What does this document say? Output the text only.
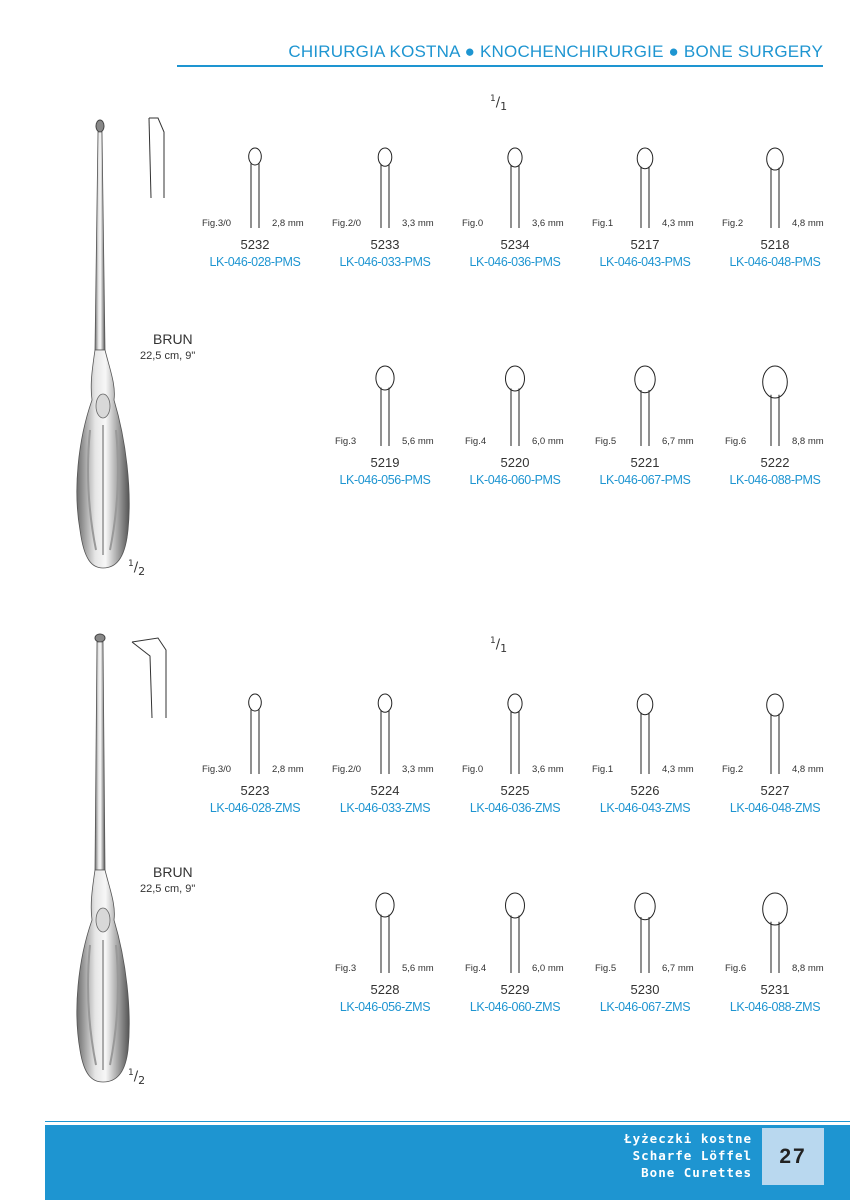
CHIRURGIA KOSTNA ● KNOCHENCHIRURGIE ● BONE SURGERY
$^1/_1$
$^1/_2$
BRUN
22,5 cm, 9"
Fig.3/0	2,8 mm
5232
LK-046-028-PMS
Fig.2/0	3,3 mm
5233
LK-046-033-PMS
Fig.0	3,6 mm
5234
LK-046-036-PMS
Fig.1	4,3 mm
5217
LK-046-043-PMS
Fig.2	4,8 mm
5218
LK-046-048-PMS
Fig.3	5,6 mm
5219
LK-046-056-PMS
Fig.4	6,0 mm
5220
LK-046-060-PMS
Fig.5	6,7 mm
5221
LK-046-067-PMS
Fig.6	8,8 mm
5222
LK-046-088-PMS
$^1/_1$
$^1/_2$
BRUN
22,5 cm, 9"
Fig.3/0	2,8 mm
5223
LK-046-028-ZMS
Fig.2/0	3,3 mm
5224
LK-046-033-ZMS
Fig.0	3,6 mm
5225
LK-046-036-ZMS
Fig.1	4,3 mm
5226
LK-046-043-ZMS
Fig.2	4,8 mm
5227
LK-046-048-ZMS
Fig.3	5,6 mm
5228
LK-046-056-ZMS
Fig.4	6,0 mm
5229
LK-046-060-ZMS
Fig.5	6,7 mm
5230
LK-046-067-ZMS
Fig.6	8,8 mm
5231
LK-046-088-ZMS
Łyżeczki kostne
Scharfe Löffel
Bone Curettes
27
